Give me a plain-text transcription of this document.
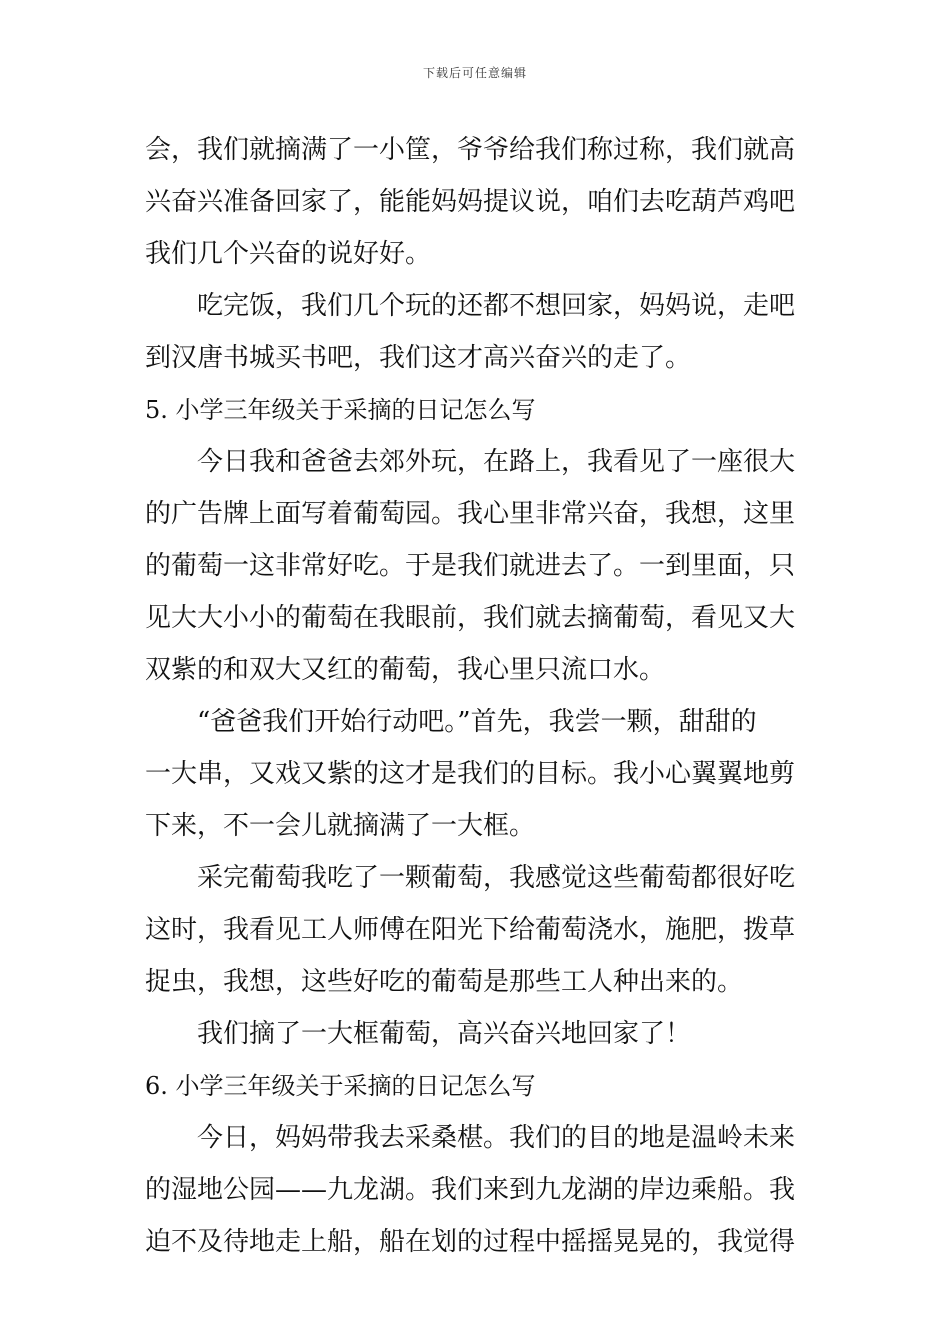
下载后可任意编辑
会，我们就摘满了一小筐，爷爷给我们称过称，我们就高
兴奋兴准备回家了，能能妈妈提议说，咱们去吃葫芦鸡吧
我们几个兴奋的说好好。
吃完饭，我们几个玩的还都不想回家，妈妈说，走吧
到汉唐书城买书吧，我们这才高兴奋兴的走了。
5. 小学三年级关于采摘的日记怎么写
今日我和爸爸去郊外玩，在路上，我看见了一座很大
的广告牌上面写着葡萄园。我心里非常兴奋，我想，这里
的葡萄一这非常好吃。于是我们就进去了。一到里面，只
见大大小小的葡萄在我眼前，我们就去摘葡萄，看见又大
双紫的和双大又红的葡萄，我心里只流口水。
“爸爸我们开始行动吧。”首先，我尝一颗，甜甜的
一大串，又戏又紫的这才是我们的目标。我小心翼翼地剪
下来，不一会儿就摘满了一大框。
采完葡萄我吃了一颗葡萄，我感觉这些葡萄都很好吃
这时，我看见工人师傅在阳光下给葡萄浇水，施肥，拨草
捉虫，我想，这些好吃的葡萄是那些工人种出来的。
我们摘了一大框葡萄，高兴奋兴地回家了！
6. 小学三年级关于采摘的日记怎么写
今日，妈妈带我去采桑椹。我们的目的地是温岭未来
的湿地公园——九龙湖。我们来到九龙湖的岸边乘船。我
迫不及待地走上船，船在划的过程中摇摇晃晃的，我觉得
